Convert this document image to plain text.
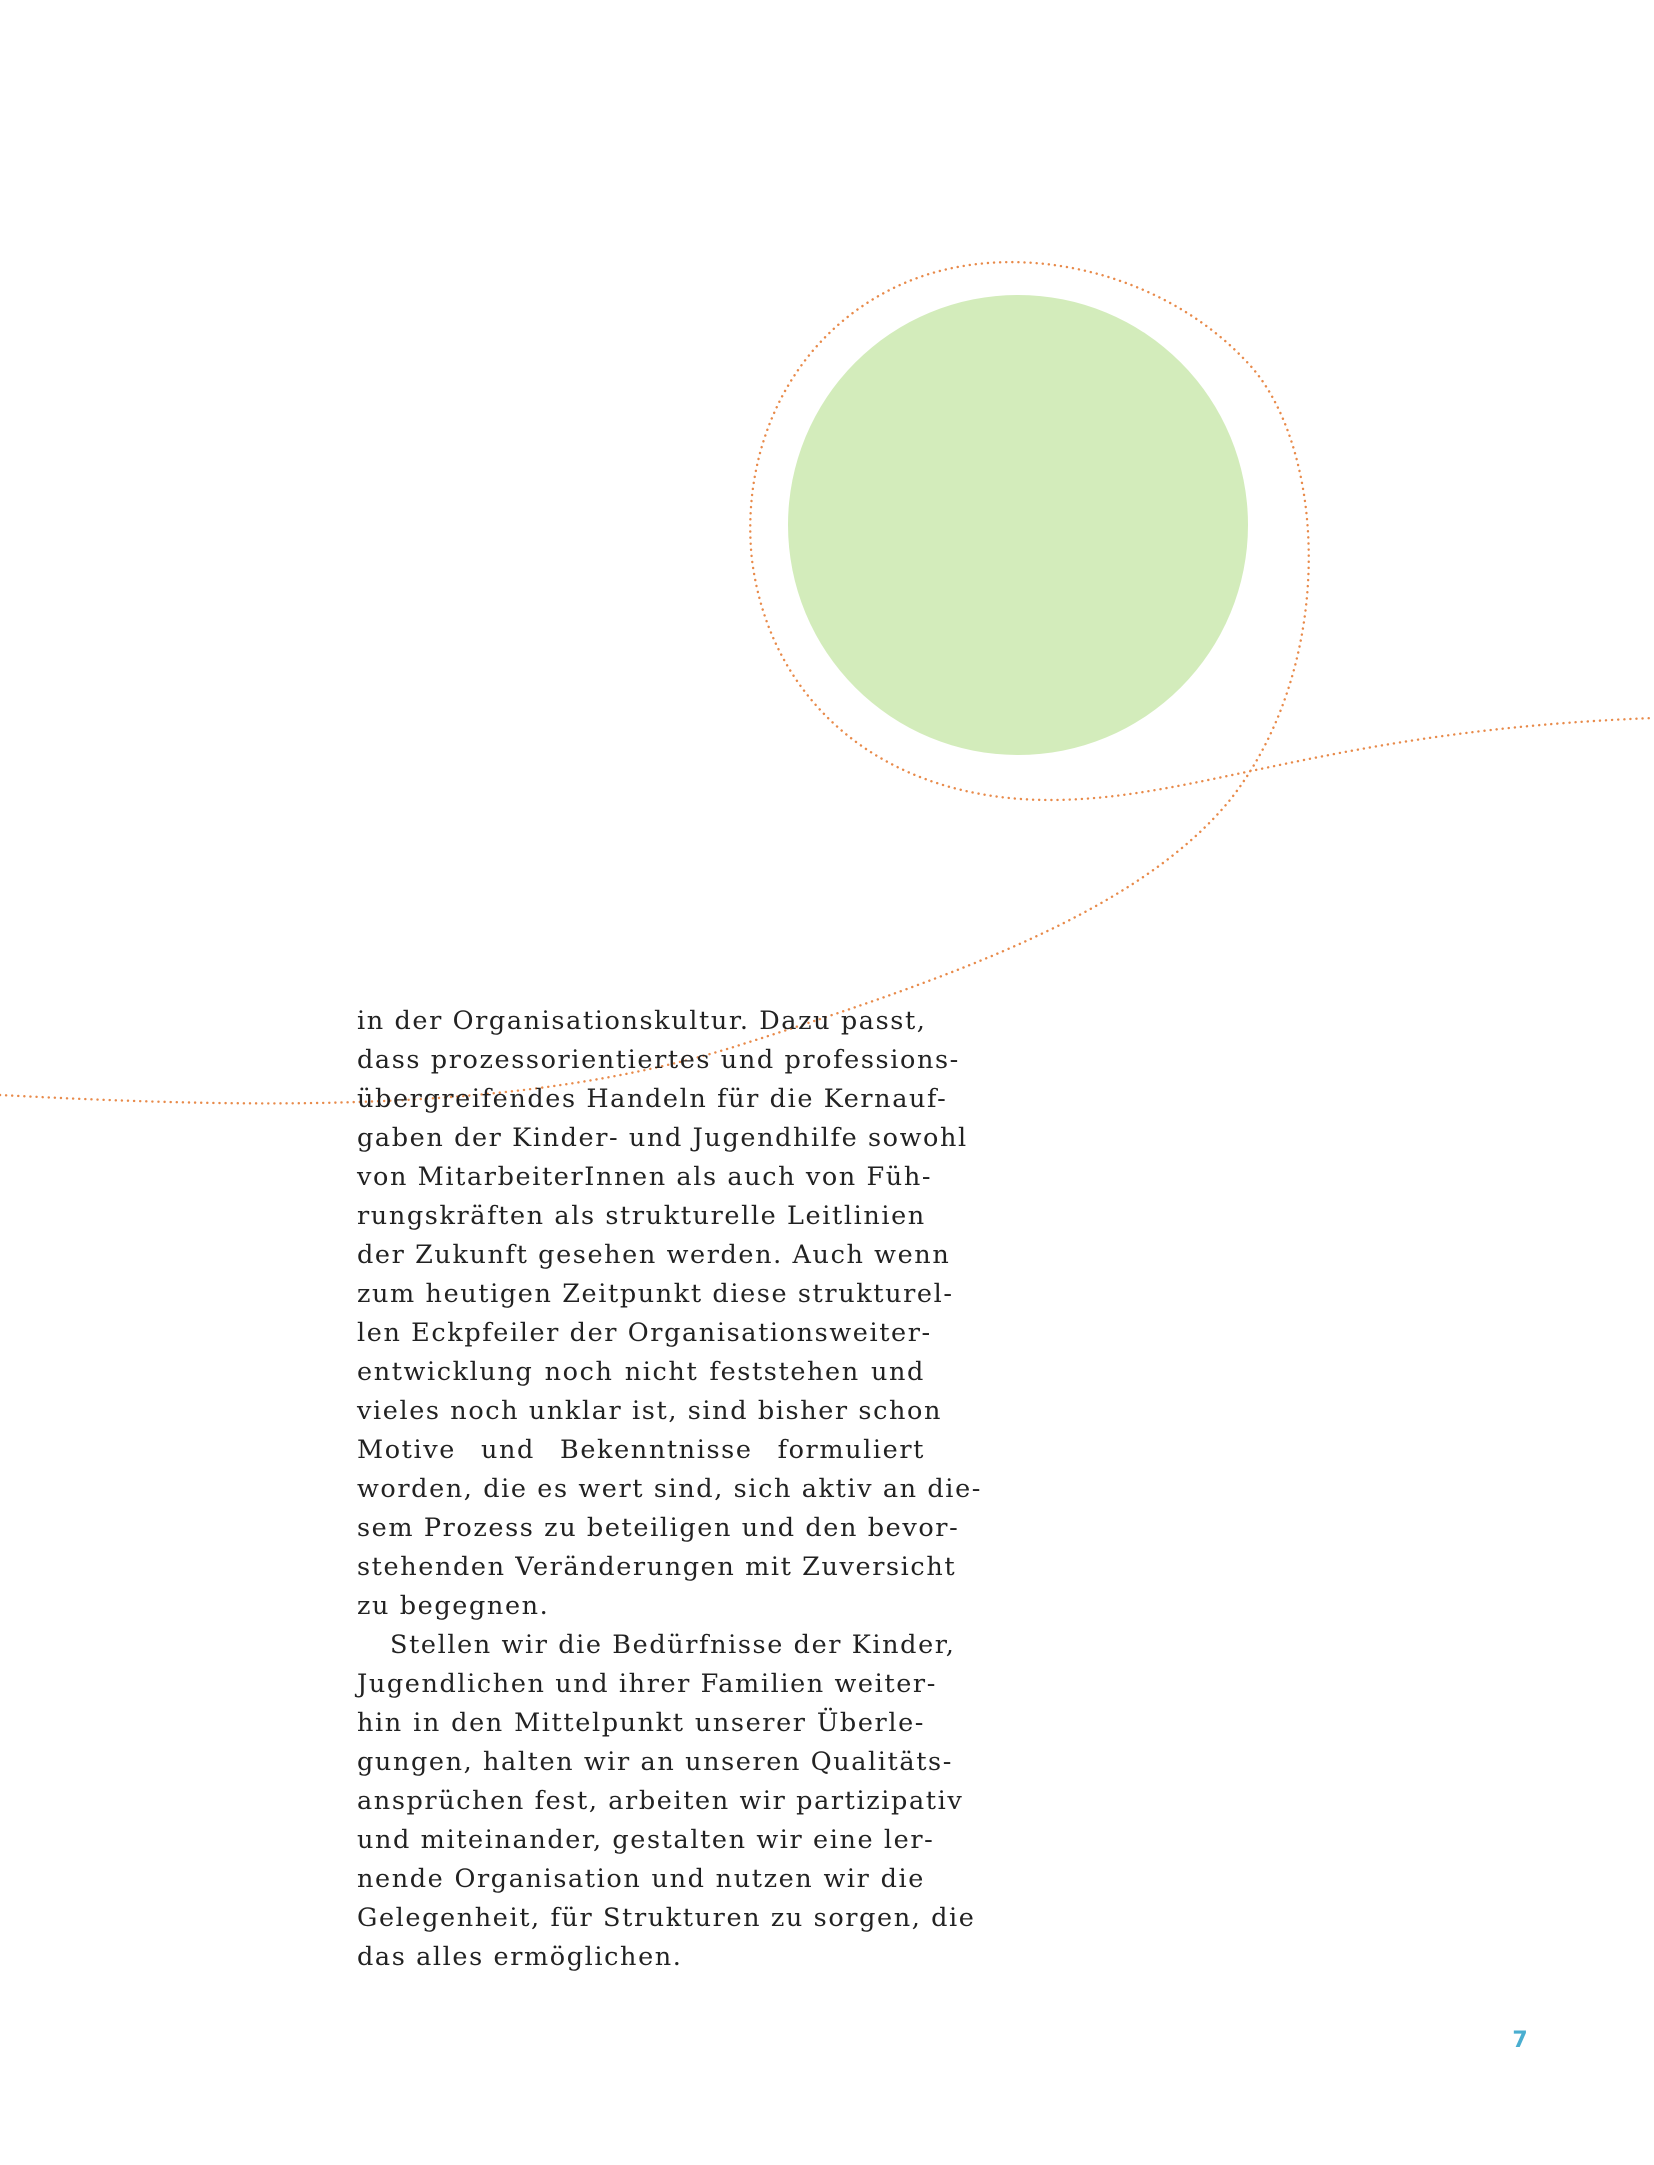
in der Organisationskultur. Dazu passt,
dass prozessorientiertes und professions-
übergreifendes Handeln für die Kernauf-
gaben der Kinder- und Jugendhilfe sowohl
von MitarbeiterInnen als auch von Füh-
rungskräften als strukturelle Leitlinien
der Zukunft gesehen werden. Auch wenn
zum heutigen Zeitpunkt diese strukturel-
len Eckpfeiler der Organisationsweiter-
entwicklung noch nicht feststehen und
vieles noch unklar ist, sind bisher schon
Motive und Bekenntnisse formuliert
worden, die es wert sind, sich aktiv an die-
sem Prozess zu beteiligen und den bevor-
stehenden Veränderungen mit Zuversicht
zu begegnen.
Stellen wir die Bedürfnisse der Kinder,
Jugendlichen und ihrer Familien weiter-
hin in den Mittelpunkt unserer Überle-
gungen, halten wir an unseren Qualitäts-
ansprüchen fest, arbeiten wir partizipativ
und miteinander, gestalten wir eine ler-
nende Organisation und nutzen wir die
Gelegenheit, für Strukturen zu sorgen, die
das alles ermöglichen.
7
